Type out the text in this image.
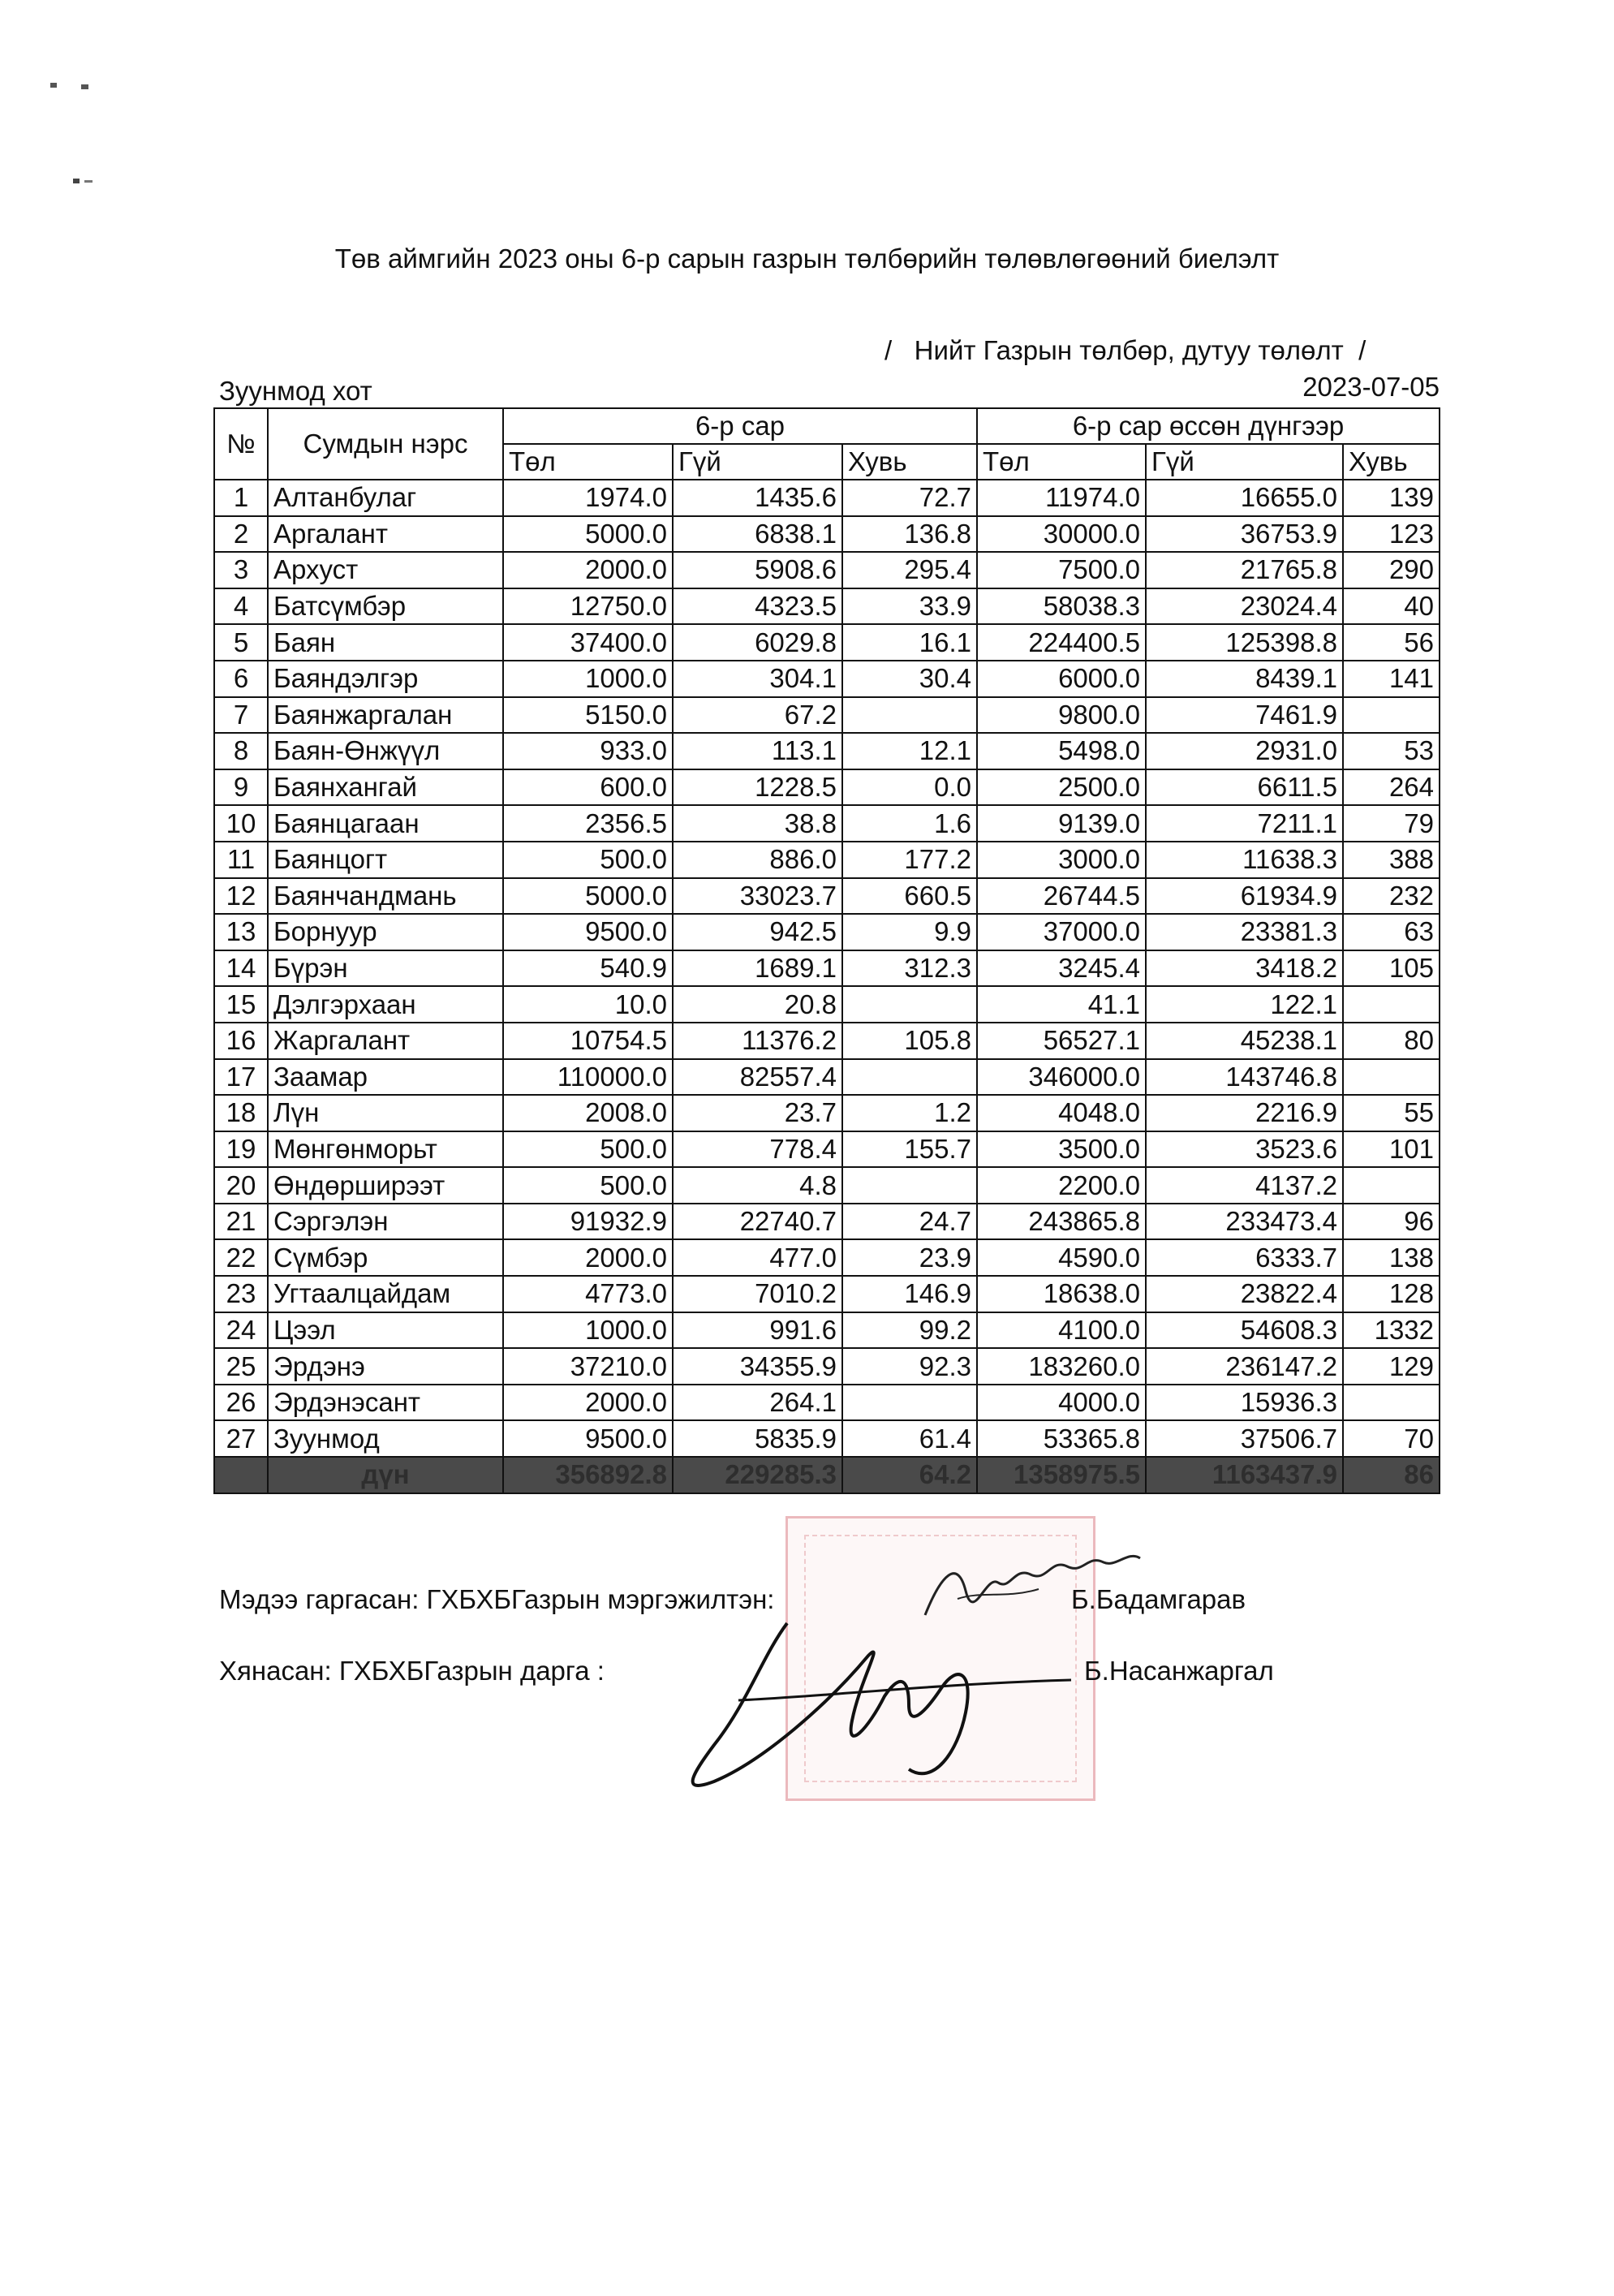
Төв аймгийн 2023 оны 6-р сарын газрын төлбөрийн төлөвлөгөөний биелэлт
/   Нийт Газрын төлбөр, дутуу төлөлт  /
Зуунмод хот	2023-07-05
№	Сумдын нэрс	6-р сар			6-р сар өссөн дүнгээр		
		Төл	Гүй	Хувь	Төл	Гүй	Хувь
1	Алтанбулаг	1974.0	1435.6	72.7	11974.0	16655.0	139
2	Аргалант	5000.0	6838.1	136.8	30000.0	36753.9	123
3	Архуст	2000.0	5908.6	295.4	7500.0	21765.8	290
4	Батсүмбэр	12750.0	4323.5	33.9	58038.3	23024.4	40
5	Баян	37400.0	6029.8	16.1	224400.5	125398.8	56
6	Баяндэлгэр	1000.0	304.1	30.4	6000.0	8439.1	141
7	Баянжаргалан	5150.0	67.2		9800.0	7461.9	
8	Баян-Өнжүүл	933.0	113.1	12.1	5498.0	2931.0	53
9	Баянхангай	600.0	1228.5	0.0	2500.0	6611.5	264
10	Баянцагаан	2356.5	38.8	1.6	9139.0	7211.1	79
11	Баянцогт	500.0	886.0	177.2	3000.0	11638.3	388
12	Баянчандмань	5000.0	33023.7	660.5	26744.5	61934.9	232
13	Борнуур	9500.0	942.5	9.9	37000.0	23381.3	63
14	Бүрэн	540.9	1689.1	312.3	3245.4	3418.2	105
15	Дэлгэрхаан	10.0	20.8		41.1	122.1	
16	Жаргалант	10754.5	11376.2	105.8	56527.1	45238.1	80
17	Заамар	110000.0	82557.4		346000.0	143746.8	
18	Лүн	2008.0	23.7	1.2	4048.0	2216.9	55
19	Мөнгөнморьт	500.0	778.4	155.7	3500.0	3523.6	101
20	Өндөрширээт	500.0	4.8		2200.0	4137.2	
21	Сэргэлэн	91932.9	22740.7	24.7	243865.8	233473.4	96
22	Сүмбэр	2000.0	477.0	23.9	4590.0	6333.7	138
23	Угтаалцайдам	4773.0	7010.2	146.9	18638.0	23822.4	128
24	Цээл	1000.0	991.6	99.2	4100.0	54608.3	1332
25	Эрдэнэ	37210.0	34355.9	92.3	183260.0	236147.2	129
26	Эрдэнэсант	2000.0	264.1		4000.0	15936.3	
27	Зуунмод	9500.0	5835.9	61.4	53365.8	37506.7	70
	дүн	356892.8	229285.3	64.2	1358975.5	1163437.9	86
Мэдээ гаргасан: ГХБХБГазрын мэргэжилтэн:	Б.Бадамгарав
Хянасан: ГХБХБГазрын дарга :	Б.Насанжаргал
